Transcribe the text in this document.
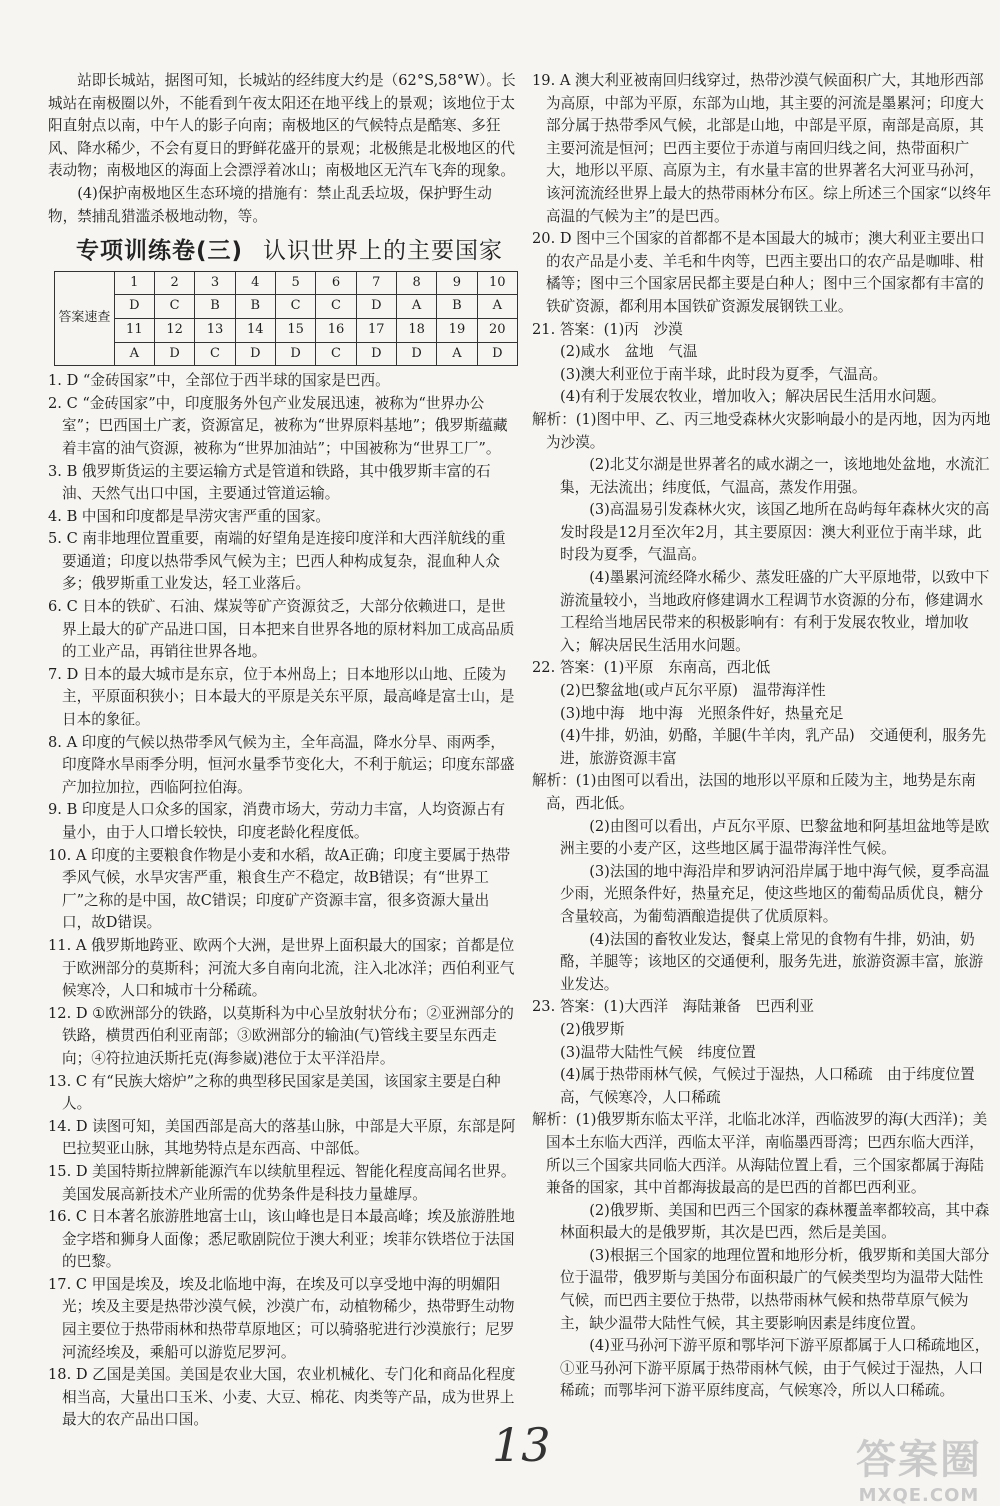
站即长城站，据图可知，长城站的经纬度大约是（62°S,58°W）。长城站在南极圈以外，不能看到午夜太阳还在地平线上的景观；该地位于太阳直射点以南，中午人的影子向南；南极地区的气候特点是酷寒、多狂风、降水稀少，不会有夏日的野鲜花盛开的景观；北极熊是北极地区的代表动物；南极地区的海面上会漂浮着冰山；南极地区无汽车飞奔的现象。

(4)保护南极地区生态环境的措施有：禁止乱丢垃圾，保护野生动物，禁捕乱猎滥杀极地动物，等。

专项训练卷(三) 认识世界上的主要国家
答案速查	1	2	3	4	5	6	7	8	9	10
	D	C	B	B	C	C	D	A	B	A
	11	12	13	14	15	16	17	18	19	20
	A	D	C	D	D	C	D	D	A	D

1. D “金砖国家”中，全部位于西半球的国家是巴西。

2. C “金砖国家”中，印度服务外包产业发展迅速，被称为“世界办公室”；巴西国土广袤，资源富足，被称为“世界原料基地”；俄罗斯蕴藏着丰富的油气资源，被称为“世界加油站”；中国被称为“世界工厂”。

3. B 俄罗斯货运的主要运输方式是管道和铁路，其中俄罗斯丰富的石油、天然气出口中国，主要通过管道运输。

4. B 中国和印度都是旱涝灾害严重的国家。

5. C 南非地理位置重要，南端的好望角是连接印度洋和大西洋航线的重要通道；印度以热带季风气候为主；巴西人种构成复杂，混血种人众多；俄罗斯重工业发达，轻工业落后。

6. C 日本的铁矿、石油、煤炭等矿产资源贫乏，大部分依赖进口，是世界上最大的矿产品进口国，日本把来自世界各地的原材料加工成高品质的工业产品，再销往世界各地。

7. D 日本的最大城市是东京，位于本州岛上；日本地形以山地、丘陵为主，平原面积狭小；日本最大的平原是关东平原，最高峰是富士山，是日本的象征。

8. A 印度的气候以热带季风气候为主，全年高温，降水分旱、雨两季，印度降水旱雨季分明，恒河水量季节变化大，不利于航运；印度东部盛产加拉加拉，西临阿拉伯海。

9. B 印度是人口众多的国家，消费市场大，劳动力丰富，人均资源占有量小，由于人口增长较快，印度老龄化程度低。

10. A 印度的主要粮食作物是小麦和水稻，故A正确；印度主要属于热带季风气候，水旱灾害严重，粮食生产不稳定，故B错误；有“世界工厂”之称的是中国，故C错误；印度矿产资源丰富，很多资源大量出口，故D错误。

11. A 俄罗斯地跨亚、欧两个大洲，是世界上面积最大的国家；首都是位于欧洲部分的莫斯科；河流大多自南向北流，注入北冰洋；西伯利亚气候寒冷，人口和城市十分稀疏。

12. D ①欧洲部分的铁路，以莫斯科为中心呈放射状分布；②亚洲部分的铁路，横贯西伯利亚南部；③欧洲部分的输油(气)管线主要呈东西走向；④符拉迪沃斯托克(海参崴)港位于太平洋沿岸。

13. C 有“民族大熔炉”之称的典型移民国家是美国，该国家主要是白种人。

14. D 读图可知，美国西部是高大的落基山脉，中部是大平原，东部是阿巴拉契亚山脉，其地势特点是东西高、中部低。

15. D 美国特斯拉牌新能源汽车以续航里程远、智能化程度高闻名世界。美国发展高新技术产业所需的优势条件是科技力量雄厚。

16. C 日本著名旅游胜地富士山，该山峰也是日本最高峰；埃及旅游胜地金字塔和狮身人面像；悉尼歌剧院位于澳大利亚；埃菲尔铁塔位于法国的巴黎。

17. C 甲国是埃及，埃及北临地中海，在埃及可以享受地中海的明媚阳光；埃及主要是热带沙漠气候，沙漠广布，动植物稀少，热带野生动物园主要位于热带雨林和热带草原地区；可以骑骆驼进行沙漠旅行；尼罗河流经埃及，乘船可以游览尼罗河。

18. D 乙国是美国。美国是农业大国，农业机械化、专门化和商品化程度相当高，大量出口玉米、小麦、大豆、棉花、肉类等产品，成为世界上最大的农产品出口国。

19. A 澳大利亚被南回归线穿过，热带沙漠气候面积广大，其地形西部为高原，中部为平原，东部为山地，其主要的河流是墨累河；印度大部分属于热带季风气候，北部是山地，中部是平原，南部是高原，其主要河流是恒河；巴西主要位于赤道与南回归线之间，热带面积广大，地形以平原、高原为主，有水量丰富的世界著名大河亚马孙河，该河流流经世界上最大的热带雨林分布区。综上所述三个国家“以终年高温的气候为主”的是巴西。

20. D 图中三个国家的首都都不是本国最大的城市；澳大利亚主要出口的农产品是小麦、羊毛和牛肉等，巴西主要出口的农产品是咖啡、柑橘等；图中三个国家居民都主要是白种人；图中三个国家都有丰富的铁矿资源，都利用本国铁矿资源发展钢铁工业。

21. 答案：(1)丙　沙漠

(2)咸水　盆地　气温

(3)澳大利亚位于南半球，此时段为夏季，气温高。

(4)有利于发展农牧业，增加收入；解决居民生活用水问题。

解析：(1)图中甲、乙、丙三地受森林火灾影响最小的是丙地，因为丙地为沙漠。

(2)北艾尔湖是世界著名的咸水湖之一，该地地处盆地，水流汇集，无法流出；纬度低，气温高，蒸发作用强。

(3)高温易引发森林火灾，该国乙地所在岛屿每年森林火灾的高发时段是12月至次年2月，其主要原因：澳大利亚位于南半球，此时段为夏季，气温高。

(4)墨累河流经降水稀少、蒸发旺盛的广大平原地带，以致中下游流量较小，当地政府修建调水工程调节水资源的分布，修建调水工程给当地居民带来的积极影响有：有利于发展农牧业，增加收入；解决居民生活用水问题。

22. 答案：(1)平原　东南高，西北低

(2)巴黎盆地(或卢瓦尔平原)　温带海洋性

(3)地中海　地中海　光照条件好，热量充足

(4)牛排，奶油，奶酪，羊腿(牛羊肉，乳产品)　交通便利，服务先进，旅游资源丰富

解析：(1)由图可以看出，法国的地形以平原和丘陵为主，地势是东南高，西北低。

(2)由图可以看出，卢瓦尔平原、巴黎盆地和阿基坦盆地等是欧洲主要的小麦产区，这些地区属于温带海洋性气候。

(3)法国的地中海沿岸和罗讷河沿岸属于地中海气候，夏季高温少雨，光照条件好，热量充足，使这些地区的葡萄品质优良，糖分含量较高，为葡萄酒酿造提供了优质原料。

(4)法国的畜牧业发达，餐桌上常见的食物有牛排，奶油，奶酪，羊腿等；该地区的交通便利，服务先进，旅游资源丰富，旅游业发达。

23. 答案：(1)大西洋　海陆兼备　巴西利亚

(2)俄罗斯

(3)温带大陆性气候　纬度位置

(4)属于热带雨林气候，气候过于湿热，人口稀疏　由于纬度位置高，气候寒冷，人口稀疏

解析：(1)俄罗斯东临太平洋，北临北冰洋，西临波罗的海(大西洋)；美国本土东临大西洋，西临太平洋，南临墨西哥湾；巴西东临大西洋，所以三个国家共同临大西洋。从海陆位置上看，三个国家都属于海陆兼备的国家，其中首都海拔最高的是巴西的首都巴西利亚。

(2)俄罗斯、美国和巴西三个国家的森林覆盖率都较高，其中森林面积最大的是俄罗斯，其次是巴西，然后是美国。

(3)根据三个国家的地理位置和地形分析，俄罗斯和美国大部分位于温带，俄罗斯与美国分布面积最广的气候类型均为温带大陆性气候，而巴西主要位于热带，以热带雨林气候和热带草原气候为主，缺少温带大陆性气候，其主要影响因素是纬度位置。

(4)亚马孙河下游平原和鄂毕河下游平原都属于人口稀疏地区，①亚马孙河下游平原属于热带雨林气候，由于气候过于湿热，人口稀疏；而鄂毕河下游平原纬度高，气候寒冷，所以人口稀疏。

13	答案圈
MXQE.COM
